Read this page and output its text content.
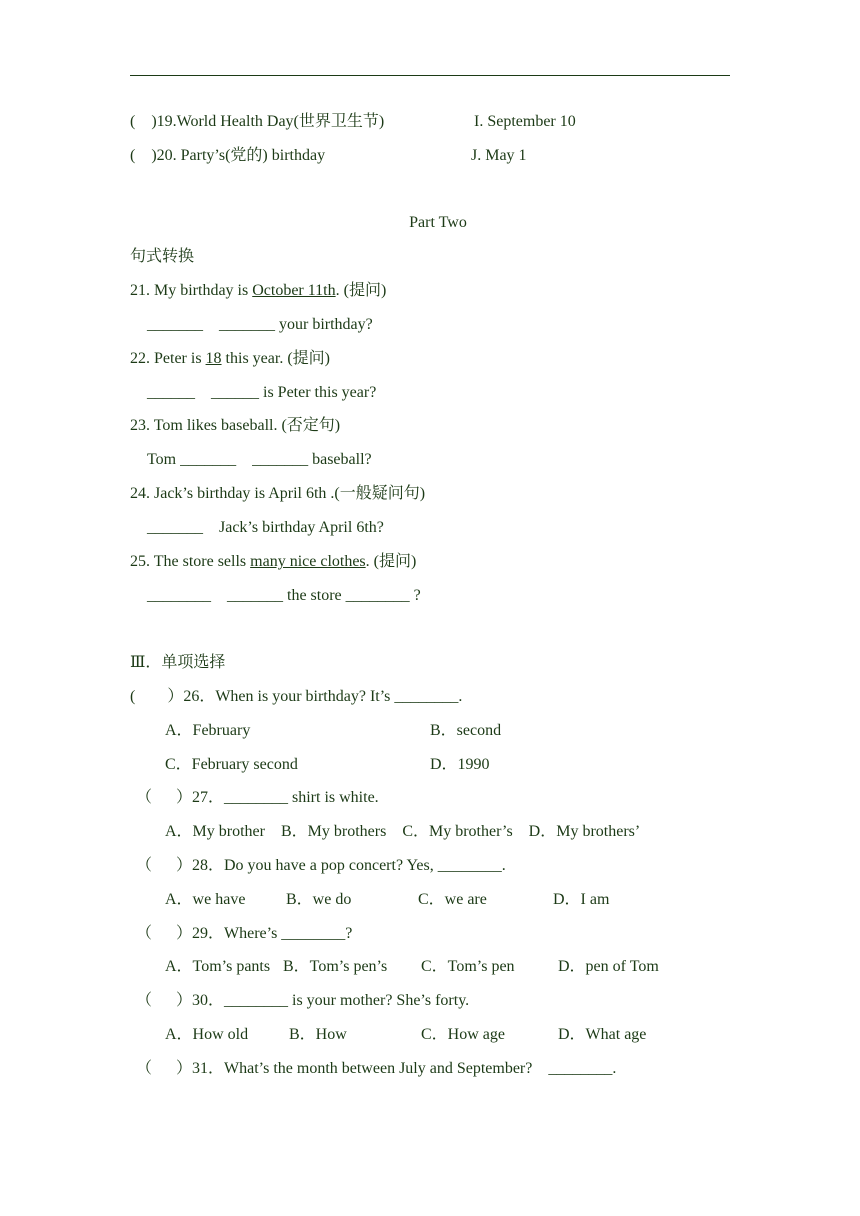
(    )19.World Health Day(世界卫生节)	I. September 10
(    )20. Party’s(党的) birthday	J. May 1
Part Two
句式转换
21. My birthday is October 11th. (提问)
_______    _______ your birthday?
22. Peter is 18 this year. (提问)
______    ______ is Peter this year?
23. Tom likes baseball. (否定句)
Tom _______    _______ baseball?
24. Jack’s birthday is April 6th .(一般疑问句)
_______    Jack’s birthday April 6th?
25. The store sells many nice clothes. (提问)
________    _______ the store ________ ?
Ⅲ．单项选择
(        ）26．When is your birthday? It’s ________.
A．February	B．second
C．February second	D．1990
（      ）27．________ shirt is white.
A．My brother    B．My brothers    C．My brother’s    D．My brothers’
（      ）28．Do you have a pop concert? Yes, ________.
A．we have	B．we do	C．we are	D．I am
（      ）29．Where’s ________?
A．Tom’s pants B．Tom’s pen’s C．Tom’s pen	D．pen of Tom
（      ）30．________ is your mother? She’s forty.
A．How old	B．How	C．How age	D．What age
（      ）31．What’s the month between July and September?    ________.
